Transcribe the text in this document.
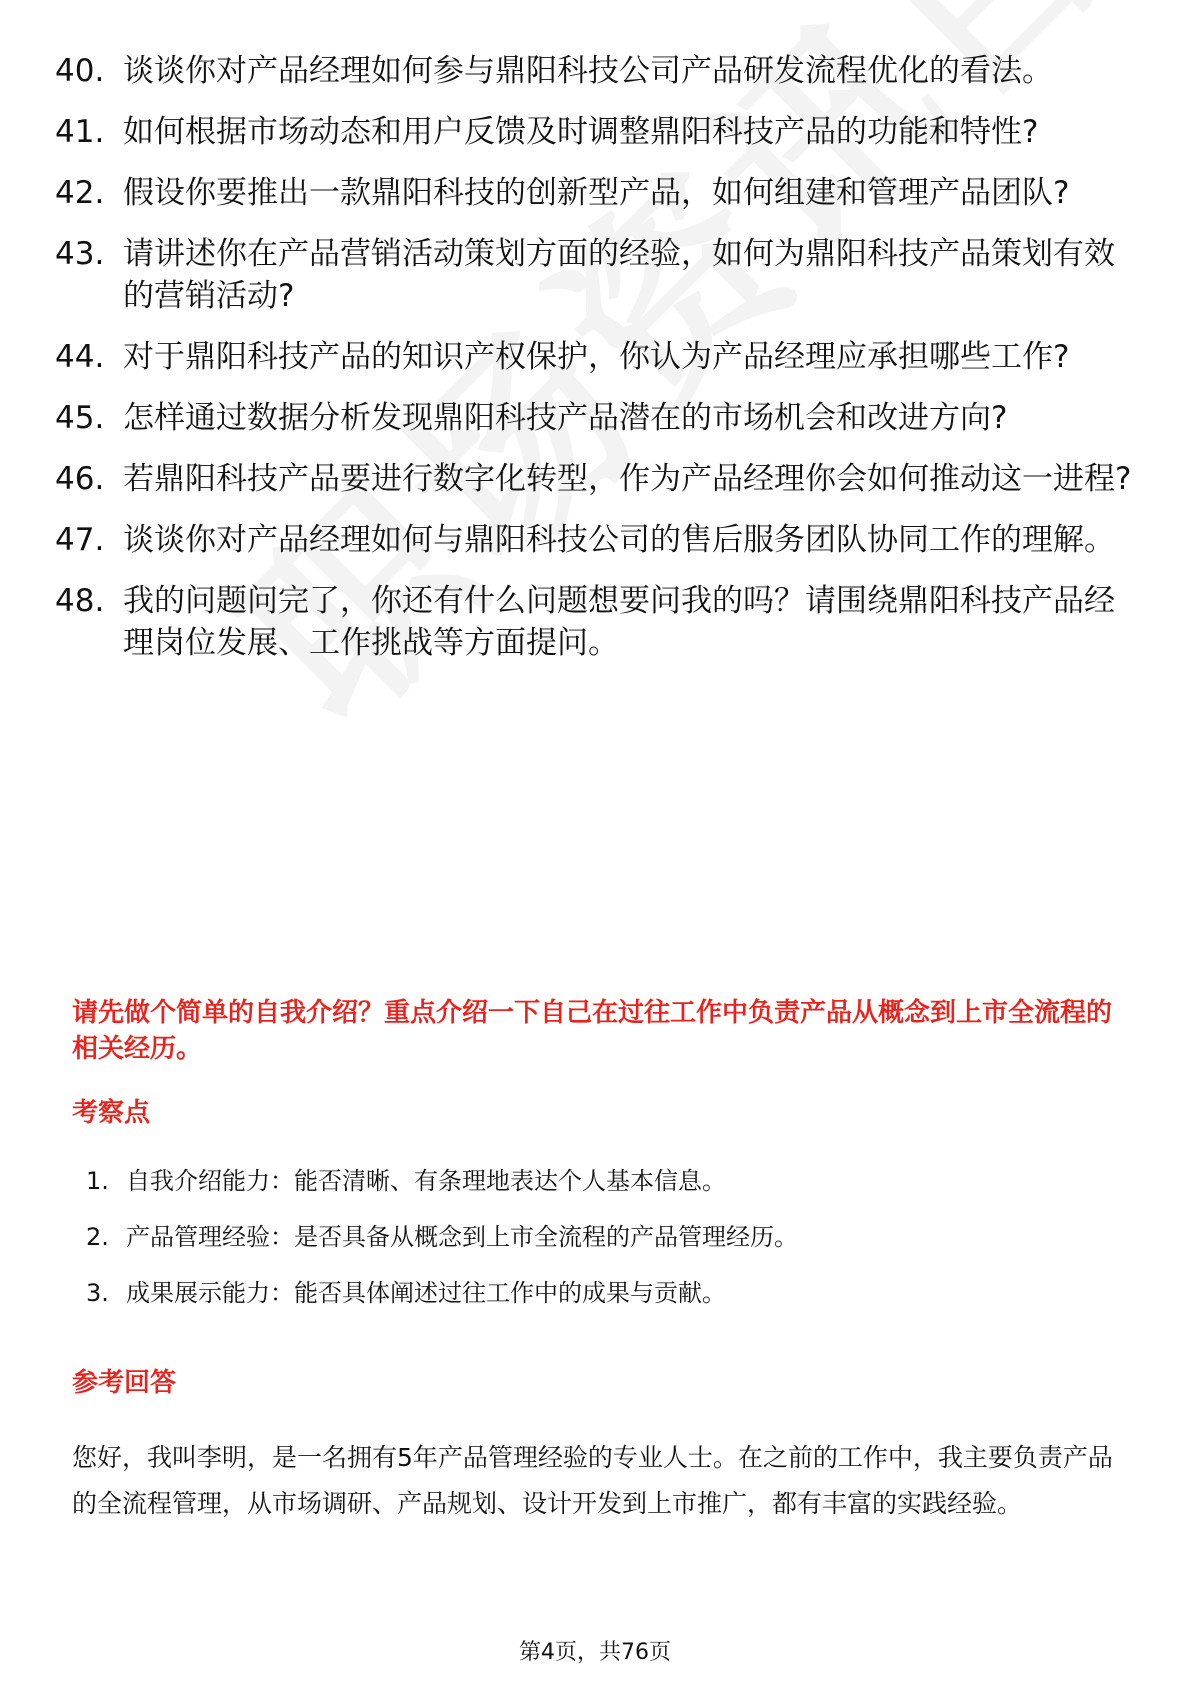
40. 谈谈你对产品经理如何参与鼎阳科技公司产品研发流程优化的看法。
41. 如何根据市场动态和用户反馈及时调整鼎阳科技产品的功能和特性?
42. 假设你要推出一款鼎阳科技的创新型产品，如何组建和管理产品团队?
43. 请讲述你在产品营销活动策划方面的经验，如何为鼎阳科技产品策划有效的营销活动?
44. 对于鼎阳科技产品的知识产权保护，你认为产品经理应承担哪些工作?
45. 怎样通过数据分析发现鼎阳科技产品潜在的市场机会和改进方向?
46. 若鼎阳科技产品要进行数字化转型，作为产品经理你会如何推动这一进程?
47. 谈谈你对产品经理如何与鼎阳科技公司的售后服务团队协同工作的理解。
48. 我的问题问完了，你还有什么问题想要问我的吗？请围绕鼎阳科技产品经理岗位发展、工作挑战等方面提问。
请先做个简单的自我介绍？重点介绍一下自己在过往工作中负责产品从概念到上市全流程的相关经历。
考察点
1. 自我介绍能力：能否清晰、有条理地表达个人基本信息。
2. 产品管理经验：是否具备从概念到上市全流程的产品管理经历。
3. 成果展示能力：能否具体阐述过往工作中的成果与贡献。
参考回答
您好，我叫李明，是一名拥有5年产品管理经验的专业人士。在之前的工作中，我主要负责产品的全流程管理，从市场调研、产品规划、设计开发到上市推广，都有丰富的实践经验。
第4页，共76页
